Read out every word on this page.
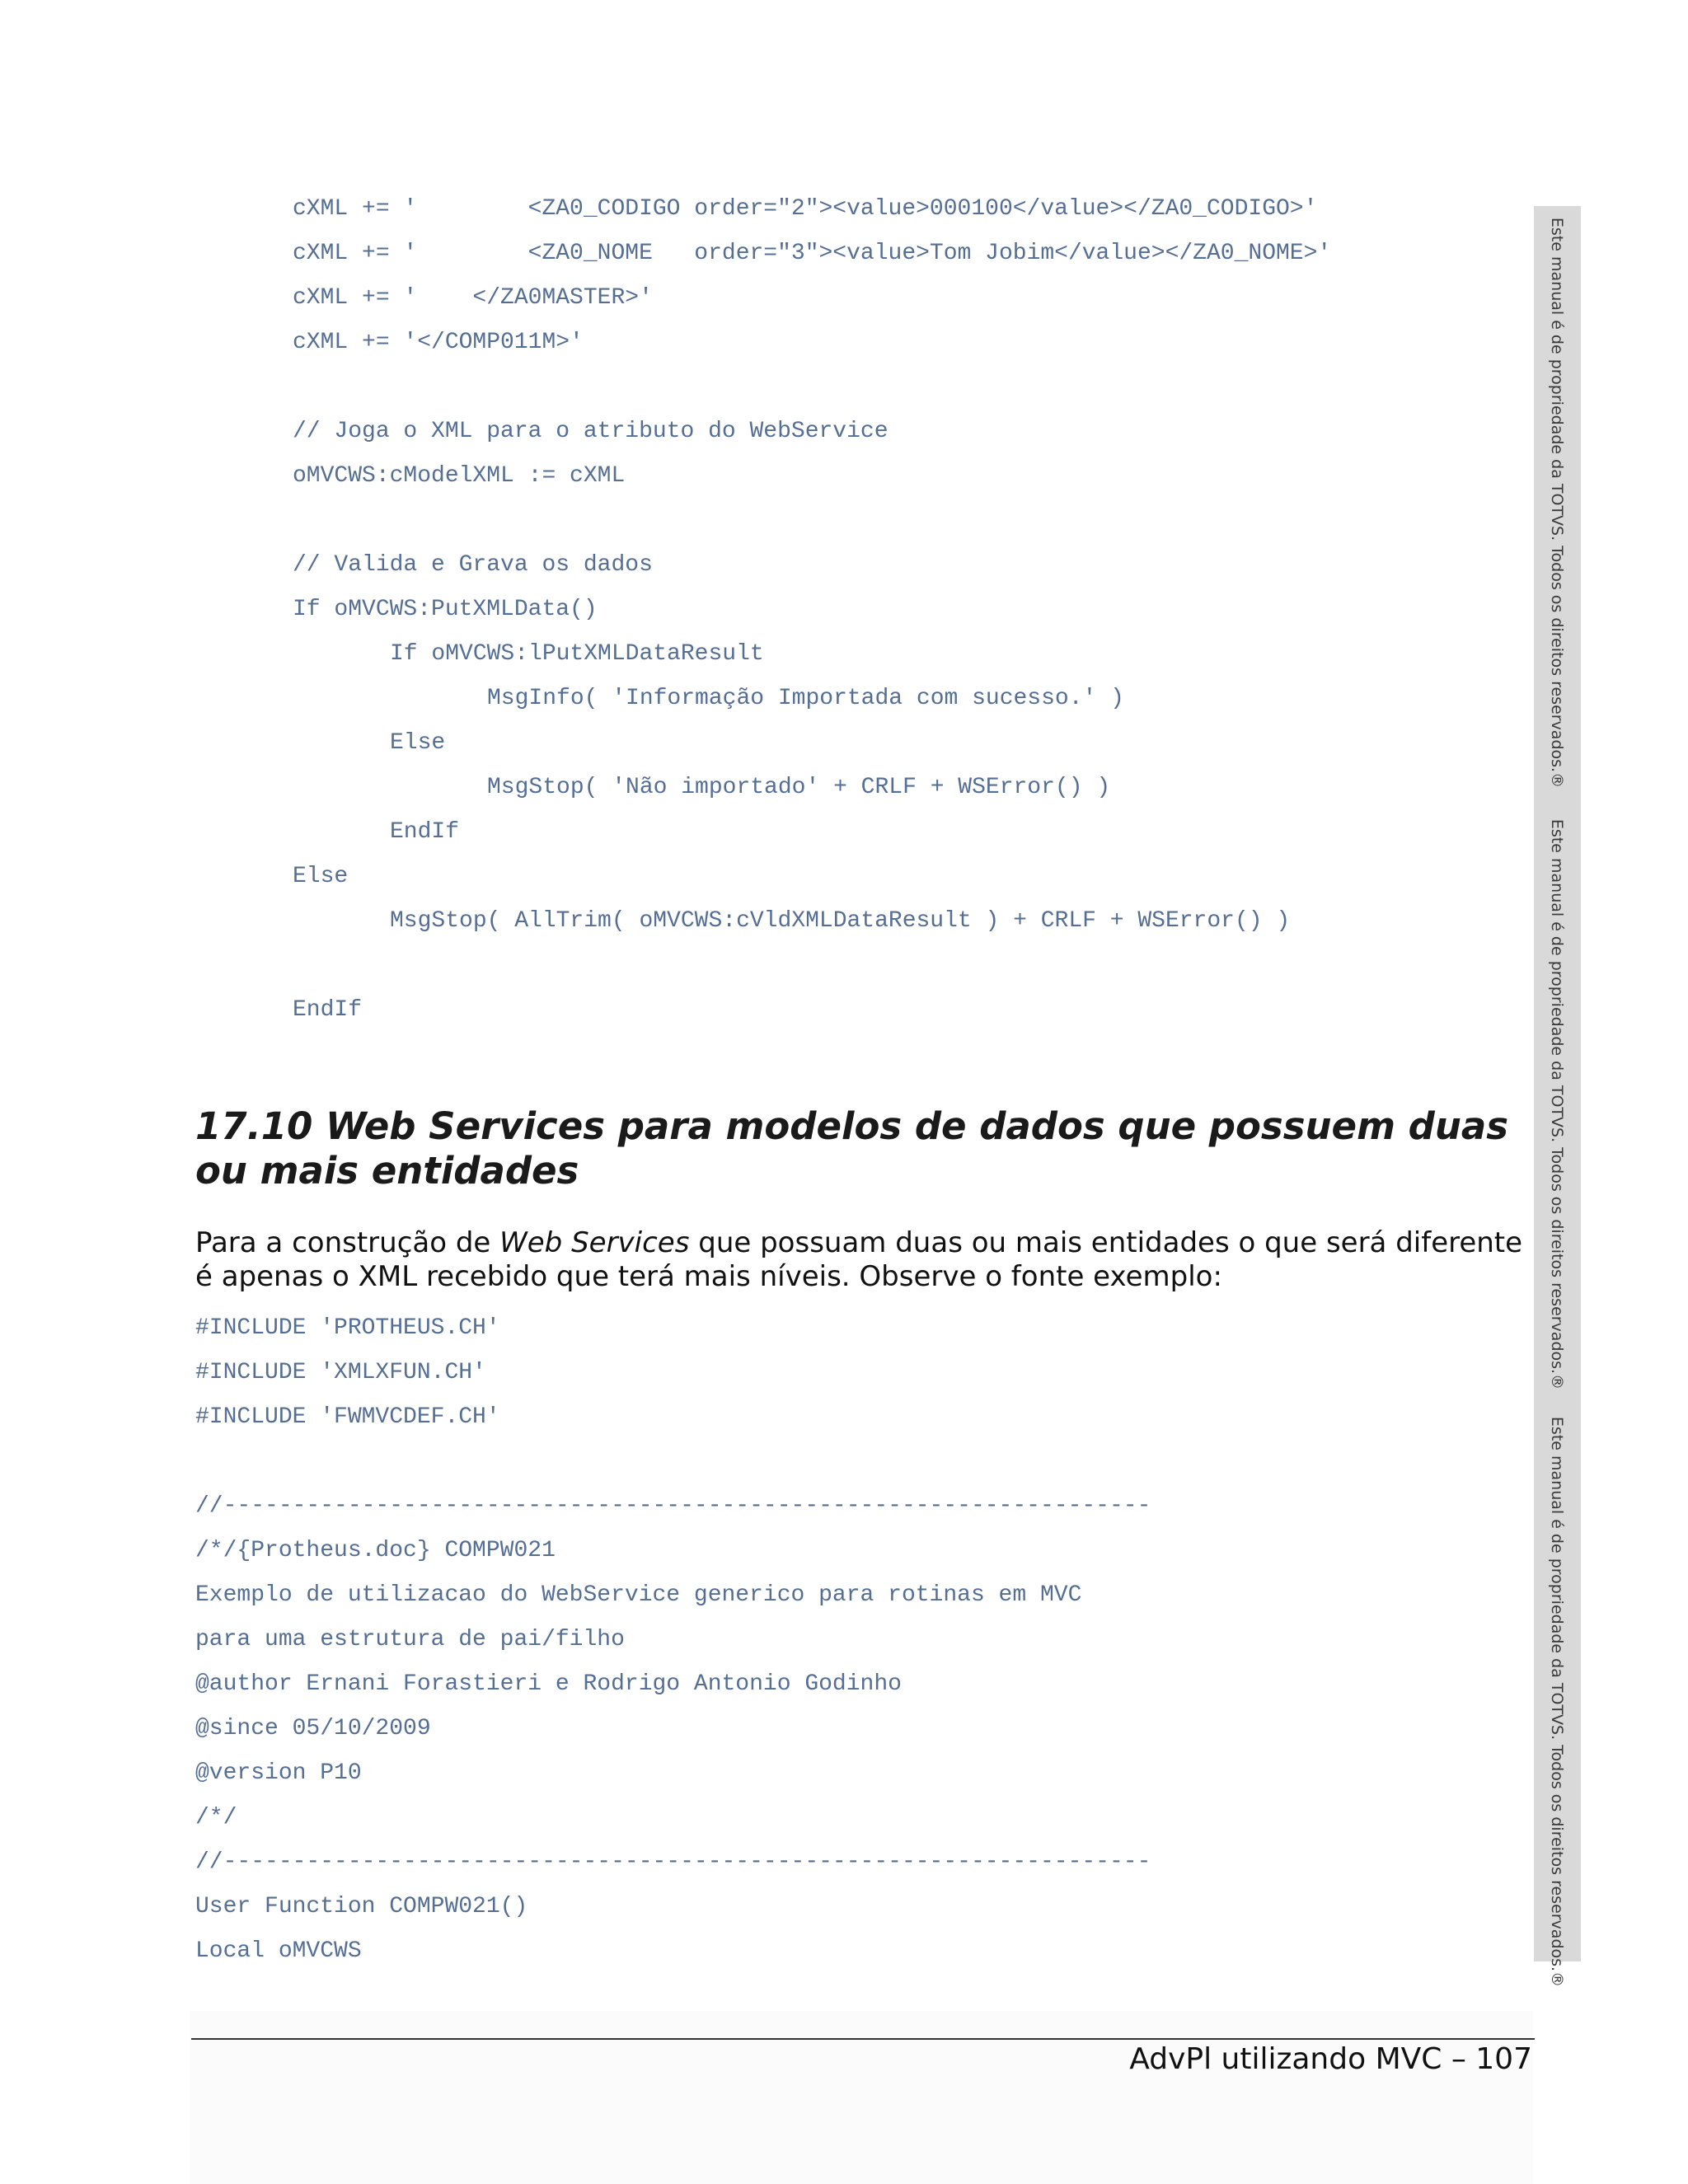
cXML += '        <ZA0_CODIGO order="2"><value>000100</value></ZA0_CODIGO>'
cXML += '        <ZA0_NOME   order="3"><value>Tom Jobim</value></ZA0_NOME>'
cXML += '    </ZA0MASTER>'
cXML += '</COMP011M>'
// Joga o XML para o atributo do WebService
oMVCWS:cModelXML := cXML
// Valida e Grava os dados
If oMVCWS:PutXMLData()
If oMVCWS:lPutXMLDataResult
MsgInfo( 'Informação Importada com sucesso.' )
Else
MsgStop( 'Não importado' + CRLF + WSError() )
EndIf
Else
MsgStop( AllTrim( oMVCWS:cVldXMLDataResult ) + CRLF + WSError() )
EndIf
17.10 Web Services para modelos de dados que possuem duas ou mais entidades

Para a construção de Web Services que possuam duas ou mais entidades o que será diferente é apenas o XML recebido que terá mais níveis. Observe o fonte exemplo:

#INCLUDE 'PROTHEUS.CH'
#INCLUDE 'XMLXFUN.CH'
#INCLUDE 'FWMVCDEF.CH'
//-------------------------------------------------------------------
/*/{Protheus.doc} COMPW021
Exemplo de utilizacao do WebService generico para rotinas em MVC
para uma estrutura de pai/filho
@author Ernani Forastieri e Rodrigo Antonio Godinho
@since 05/10/2009
@version P10
/*/
//-------------------------------------------------------------------
User Function COMPW021()
Local oMVCWS
AdvPl utilizando MVC – 107
Este manual é de propriedade da TOTVS. Todos os direitos reservados.®
Este manual é de propriedade da TOTVS. Todos os direitos reservados.®
Este manual é de propriedade da TOTVS. Todos os direitos reservados.®
